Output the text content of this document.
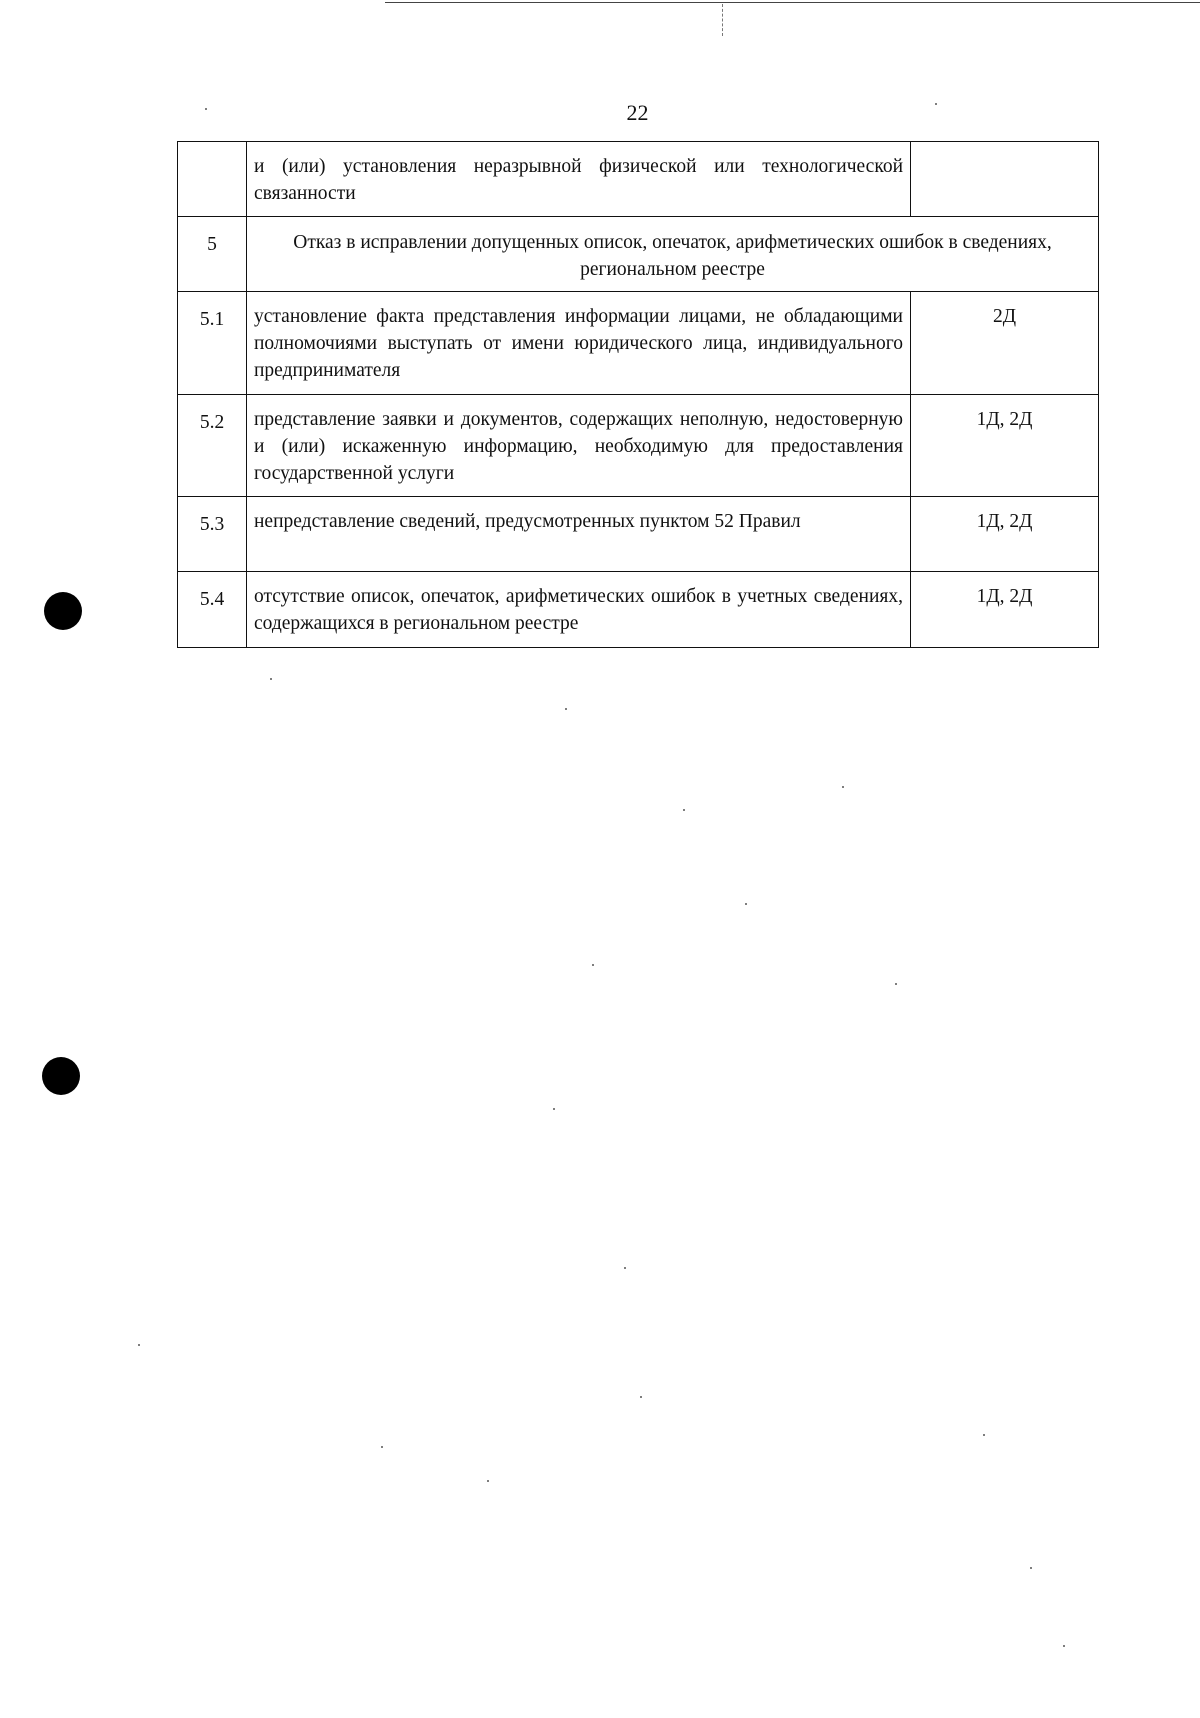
22
	и (или) установления неразрывной физической или технологической связанности	
5	Отказ в исправлении допущенных описок, опечаток, арифметических ошибок в сведениях, региональном реестре	
5.1	установление факта представления информации лицами, не обладающими полномочиями выступать от имени юридического лица, индивидуального предпринимателя	2Д
5.2	представление заявки и документов, содержащих неполную, недостоверную и (или) искаженную информацию, необходимую для предоставления государственной услуги	1Д, 2Д
5.3	непредставление сведений, предусмотренных пунктом 52 Правил	1Д, 2Д
5.4	отсутствие описок, опечаток, арифметических ошибок в учетных сведениях, содержащихся в региональном реестре	1Д, 2Д
